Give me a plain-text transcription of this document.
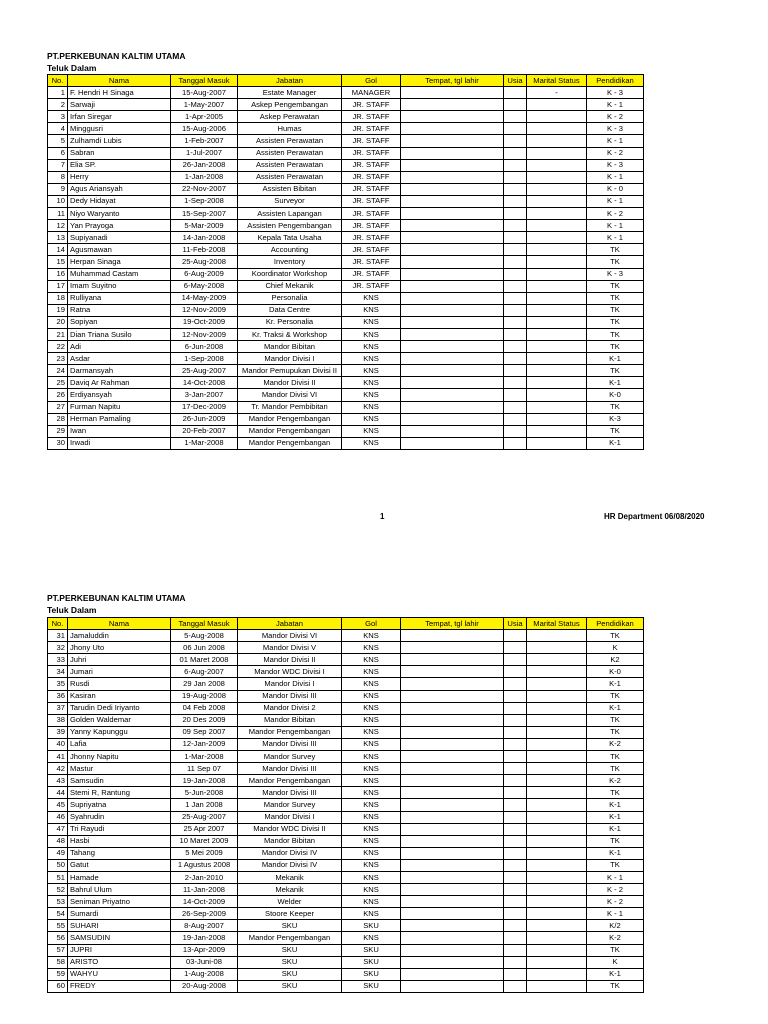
PT.PERKEBUNAN KALTIM UTAMA
Teluk Dalam
No.	Nama	Tanggal Masuk	Jabatan	Gol	Tempat, tgl lahir	Usia	Marital Status	Pendidikan
1	F. Hendri H Sinaga	15-Aug-2007	Estate Manager	MANAGER			-	K - 3
2	Sarwaji	1-May-2007	Askep Pengembangan	JR. STAFF				K - 1
3	Irfan Siregar	1-Apr-2005	Askep Perawatan	JR. STAFF				K - 2
4	Minggusri	15-Aug-2006	Humas	JR. STAFF				K - 3
5	Zulhamdi Lubis	1-Feb-2007	Assisten Perawatan	JR. STAFF				K - 1
6	Sabran	1-Jul-2007	Assisten Perawatan	JR. STAFF				K - 2
7	Elia SP.	26-Jan-2008	Assisten Perawatan	JR. STAFF				K - 3
8	Herry	1-Jan-2008	Assisten Perawatan	JR. STAFF				K - 1
9	Agus Ariansyah	22-Nov-2007	Assisten Bibitan	JR. STAFF				K - 0
10	Dedy Hidayat	1-Sep-2008	Surveyor	JR. STAFF				K - 1
11	Niyo Waryanto	15-Sep-2007	Assisten Lapangan	JR. STAFF				K - 2
12	Yan Prayoga	5-Mar-2009	Assisten Pengembangan	JR. STAFF				K - 1
13	Supiyanadi	14-Jan-2008	Kepala Tata Usaha	JR. STAFF				K - 1
14	Agusmawan	11-Feb-2008	Accounting	JR. STAFF				TK
15	Herpan Sinaga	25-Aug-2008	Inventory	JR. STAFF				TK
16	Muhammad Castam	6-Aug-2009	Koordinator Workshop	JR. STAFF				K - 3
17	Imam Suyitno	6-May-2008	Chief Mekanik	JR. STAFF				TK
18	Rulliyana	14-May-2009	Personalia	KNS				TK
19	Ratna	12-Nov-2009	Data Centre	KNS				TK
20	Sopiyan	19-Oct-2009	Kr. Personalia	KNS				TK
21	Dian Triana Susilo	12-Nov-2009	Kr. Traksi & Workshop	KNS				TK
22	Adi	6-Jun-2008	Mandor Bibitan	KNS				TK
23	Asdar	1-Sep-2008	Mandor Divisi I	KNS				K-1
24	Darmansyah	25-Aug-2007	Mandor Pemupukan Divisi II	KNS				TK
25	Daviq Ar Rahman	14-Oct-2008	Mandor Divisi II	KNS				K-1
26	Erdiyansyah	3-Jan-2007	Mandor Divisi VI	KNS				K-0
27	Furman Napitu	17-Dec-2009	Tr. Mandor Pembibitan	KNS				TK
28	Herman Pamaling	26-Jun-2009	Mandor Pengembangan	KNS				K-3
29	Iwan	20-Feb-2007	Mandor Pengembangan	KNS				TK
30	Irwadi	1-Mar-2008	Mandor Pengembangan	KNS				K-1
1	HR Department 06/08/2020
PT.PERKEBUNAN KALTIM UTAMA
Teluk Dalam
No.	Nama	Tanggal Masuk	Jabatan	Gol	Tempat, tgl lahir	Usia	Marital Status	Pendidikan
31	Jamaluddin	5-Aug-2008	Mandor Divisi VI	KNS				TK
32	Jhony Uto	06 Jun 2008	Mandor Divisi V	KNS				K
33	Juhri	01 Maret 2008	Mandor Divisi II	KNS				K2
34	Jumari	6-Aug-2007	Mandor WDC Divisi I	KNS				K-0
35	Rusdi	29 Jan 2008	Mandor Divisi I	KNS				K-1
36	Kasiran	19-Aug-2008	Mandor Divisi III	KNS				TK
37	Tarudin Dedi Iriyanto	04 Feb 2008	Mandor Divisi 2	KNS				K-1
38	Golden Waldemar	20 Des 2009	Mandor Bibitan	KNS				TK
39	Yanny Kapunggu	09 Sep 2007	Mandor Pengembangan	KNS				TK
40	Lafia	12-Jan-2009	Mandor Divisi III	KNS				K-2
41	Jhonny Napitu	1-Mar-2008	Mandor Survey	KNS				TK
42	Mastur	11 Sep 07	Mandor Divisi III	KNS				TK
43	Samsudin	19-Jan-2008	Mandor Pengembangan	KNS				K-2
44	Stemi R, Rantung	5-Jun-2008	Mandor Divisi III	KNS				TK
45	Supriyatna	1 Jan 2008	Mandor Survey	KNS				K-1
46	Syahrudin	25-Aug-2007	Mandor Divisi I	KNS				K-1
47	Tri Rayudi	25 Apr 2007	Mandor WDC Divisi II	KNS				K-1
48	Hasbi	10 Maret 2009	Mandor Bibitan	KNS				TK
49	Tahang	5 Mei 2009	Mandor Divisi IV	KNS				K-1
50	Gatut	1 Agustus 2008	Mandor Divisi IV	KNS				TK
51	Hamade	2-Jan-2010	Mekanik	KNS				K - 1
52	Bahrul Ulum	11-Jan-2008	Mekanik	KNS				K - 2
53	Seniman Priyatno	14-Oct-2009	Welder	KNS				K - 2
54	Sumardi	26-Sep-2009	Stoore Keeper	KNS				K - 1
55	SUHARI	8-Aug-2007	SKU	SKU				K/2
56	SAMSUDIN	19-Jan-2008	Mandor Pengembangan	KNS				K-2
57	JUPRI	13-Apr-2009	SKU	SKU				TK
58	ARISTO	03-Juni-08	SKU	SKU				K
59	WAHYU	1-Aug-2008	SKU	SKU				K-1
60	FREDY	20-Aug-2008	SKU	SKU				TK
